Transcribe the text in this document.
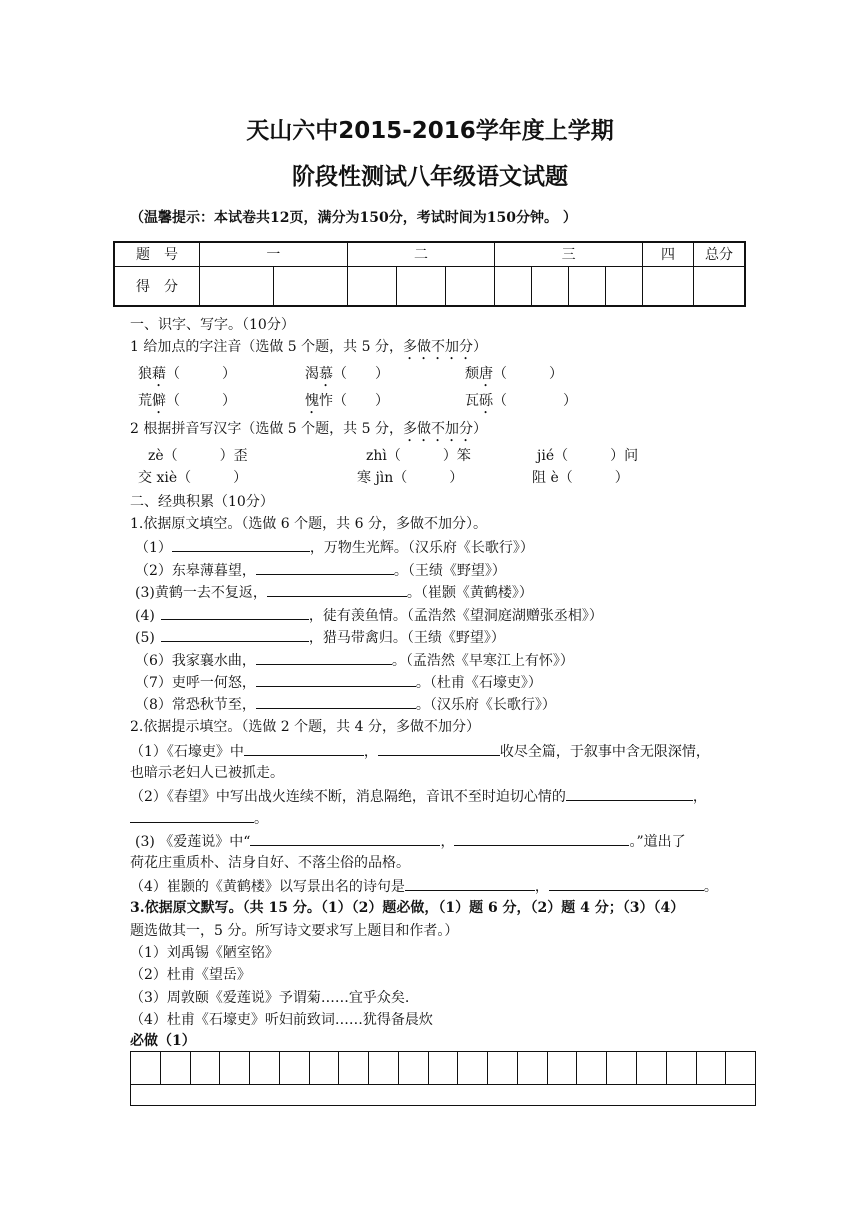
天山六中2015-2016学年度上学期
阶段性测试八年级语文试题
（温馨提示：本试卷共12页，满分为150分，考试时间为150分钟。 ）
题　号	一		二			三				四	总分
得　分											
一、识字、写字。（10分）
1 给加点的字注音（选做 5 个题，共 5 分，多做不加分）
狼藉（　　　）	渴慕（　　）	颓唐（　　　）
荒僻（　　　）	愧怍（　　）	瓦砾（　　　　）
2 根据拼音写汉字（选做 5 个题，共 5 分，多做不加分）
zè（　　　）歪	zhì（　　　）笨	jié（　　　）问
交 xiè（　　　）	寒 jìn（　　　）	阻 è（　　　）
二、经典积累（10分）
1.依据原文填空。（选做 6 个题，共 6 分，多做不加分）。
（1）	，万物生光辉。（汉乐府《长歌行》）
（2）东皋薄暮望，	。（王绩《野望》）
(3)黄鹤一去不复返，	。（崔颢《黄鹤楼》）
(4)	，徒有羡鱼情。（孟浩然《望洞庭湖赠张丞相》）
(5)	，猎马带禽归。（王绩《野望》）
（6）我家襄水曲，	。（孟浩然《早寒江上有怀》）
（7）吏呼一何怒，	。（杜甫《石壕吏》）
（8）常恐秋节至，	。（汉乐府《长歌行》）
2.依据提示填空。（选做 2 个题，共 4 分，多做不加分）
（1）《石壕吏》中	，	收尽全篇，于叙事中含无限深情，
也暗示老妇人已被抓走。
（2）《春望》中写出战火连续不断，消息隔绝，音讯不至时迫切心情的	，
。
(3) 《爱莲说》中“	，	。”道出了
荷花庄重质朴、洁身自好、不落尘俗的品格。
（4）崔颢的《黄鹤楼》以写景出名的诗句是	，	。
3.依据原文默写。（共 15 分。（1）（2）题必做，（1）题 6 分，（2）题 4 分；（3）（4）
题选做其一，5 分。所写诗文要求写上题目和作者。）
（1）刘禹锡《陋室铭》
（2）杜甫《望岳》
（3）周敦颐《爱莲说》予谓菊……宜乎众矣.
（4）杜甫《石壕吏》听妇前致词……犹得备晨炊
必做（1）
